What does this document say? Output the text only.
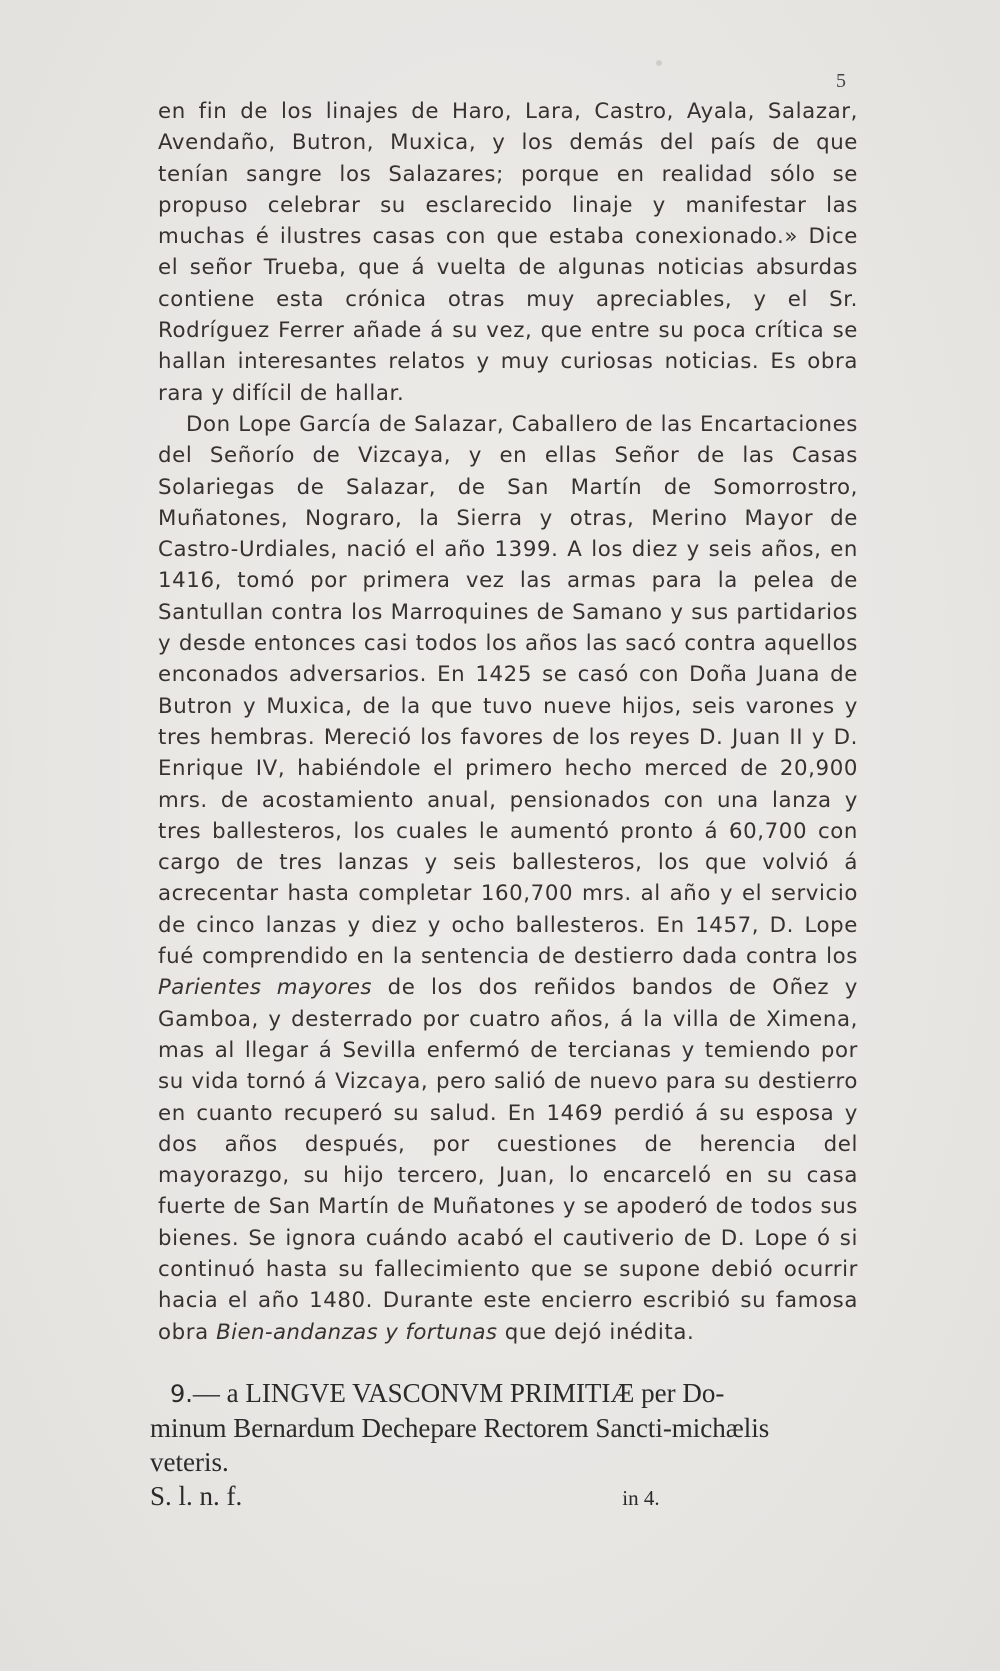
5

en fin de los linajes de Haro, Lara, Castro, Ayala, Salazar, Avendaño, Butron, Muxica, y los demás del país de que tenían sangre los Salazares; porque en realidad sólo se propuso celebrar su esclarecido linaje y manifestar las muchas é ilustres casas con que estaba conexionado.» Dice el señor Trueba, que á vuelta de algunas noticias absurdas contiene esta crónica otras muy apreciables, y el Sr. Rodríguez Ferrer añade á su vez, que entre su poca crítica se hallan interesantes relatos y muy curiosas noticias. Es obra rara y difícil de hallar.

Don Lope García de Salazar, Caballero de las Encartaciones del Señorío de Vizcaya, y en ellas Señor de las Casas Solariegas de Salazar, de San Martín de Somorrostro, Muñatones, Nograro, la Sierra y otras, Merino Mayor de Castro-Urdiales, nació el año 1399. A los diez y seis años, en 1416, tomó por primera vez las armas para la pelea de Santullan contra los Marroquines de Samano y sus partidarios y desde entonces casi todos los años las sacó contra aquellos enconados adversarios. En 1425 se casó con Doña Juana de Butron y Muxica, de la que tuvo nueve hijos, seis varones y tres hembras. Mereció los favores de los reyes D. Juan II y D. Enrique IV, habiéndole el primero hecho merced de 20,900 mrs. de acostamiento anual, pensionados con una lanza y tres ballesteros, los cuales le aumentó pronto á 60,700 con cargo de tres lanzas y seis ballesteros, los que volvió á acrecentar hasta completar 160,700 mrs. al año y el servicio de cinco lanzas y diez y ocho ballesteros. En 1457, D. Lope fué comprendido en la sentencia de destierro dada contra los Parientes mayores de los dos reñidos bandos de Oñez y Gamboa, y desterrado por cuatro años, á la villa de Ximena, mas al llegar á Sevilla enfermó de tercianas y temiendo por su vida tornó á Vizcaya, pero salió de nuevo para su destierro en cuanto recuperó su salud. En 1469 perdió á su esposa y dos años después, por cuestiones de herencia del mayorazgo, su hijo tercero, Juan, lo encarceló en su casa fuerte de San Martín de Muñatones y se apoderó de todos sus bienes. Se ignora cuándo acabó el cautiverio de D. Lope ó si continuó hasta su fallecimiento que se supone debió ocurrir hacia el año 1480. Durante este encierro escribió su famosa obra Bien-andanzas y fortunas que dejó inédita.

9.— a LINGVE VASCONVM PRIMITIÆ per Do-

minum Bernardum Dechepare Rectorem Sancti-michælis

veteris.

S. l. n. f.	in 4.
